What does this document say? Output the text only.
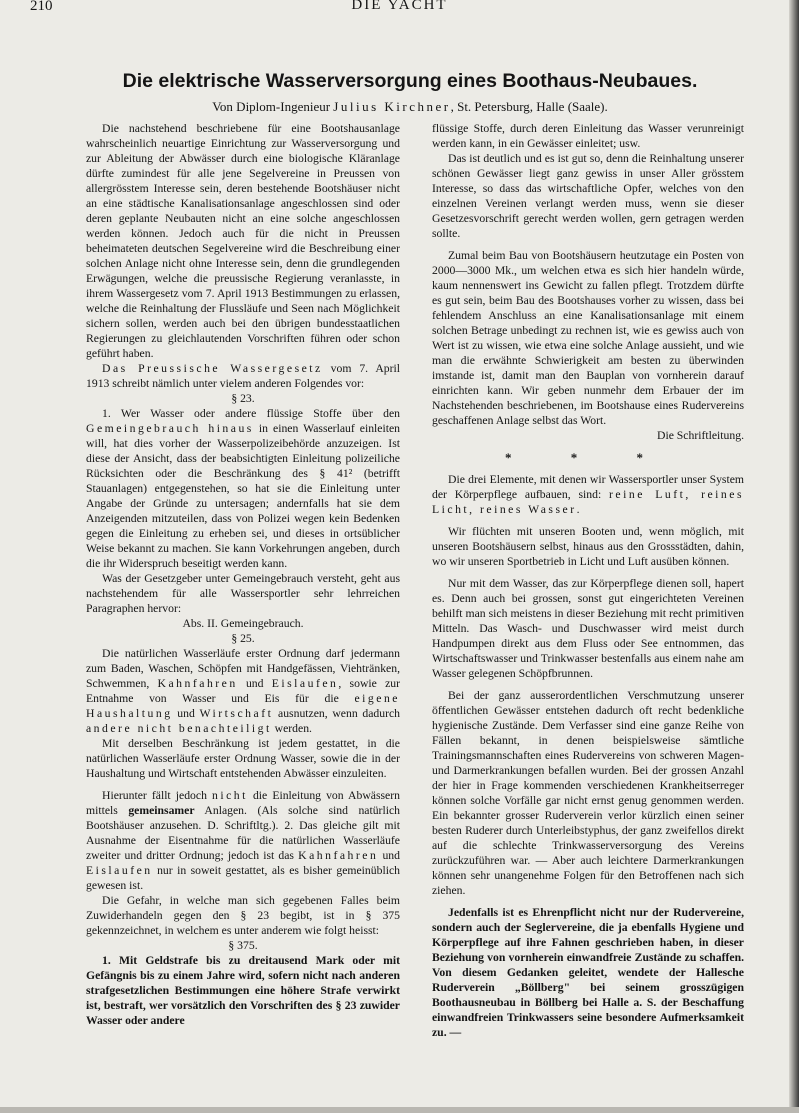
210	DIE YACHT
Die elektrische Wasserversorgung eines Boothaus-Neubaues.
Von Diplom-Ingenieur Julius Kirchner, St. Petersburg, Halle (Saale).

Die nachstehend beschriebene für eine Bootshausanlage wahrscheinlich neuartige Einrichtung zur Wasserversorgung und zur Ableitung der Abwässer durch eine biologische Kläranlage dürfte zumindest für alle jene Segelvereine in Preussen von allergrösstem Interesse sein, deren bestehende Bootshäuser nicht an eine städtische Kanalisationsanlage angeschlossen sind oder deren geplante Neubauten nicht an eine solche angeschlossen werden können. Jedoch auch für die nicht in Preussen beheimateten deutschen Segelvereine wird die Beschreibung einer solchen Anlage nicht ohne Interesse sein, denn die grundlegenden Erwägungen, welche die preussische Regierung veranlasste, in ihrem Wassergesetz vom 7. April 1913 Bestimmungen zu erlassen, welche die Reinhaltung der Flussläufe und Seen nach Möglichkeit sichern sollen, werden auch bei den übrigen bundesstaatlichen Regierungen zu gleichlautenden Vorschriften führen oder schon geführt haben.

Das Preussische Wassergesetz vom 7. April 1913 schreibt nämlich unter vielem anderen Folgendes vor:

§ 23.

1. Wer Wasser oder andere flüssige Stoffe über den Gemeingebrauch hinaus in einen Wasserlauf einleiten will, hat dies vorher der Wasserpolizeibehörde anzuzeigen. Ist diese der Ansicht, dass der beabsichtigten Einleitung polizeiliche Rücksichten oder die Beschränkung des § 41² (betrifft Stauanlagen) entgegenstehen, so hat sie die Einleitung unter Angabe der Gründe zu untersagen; andernfalls hat sie dem Anzeigenden mitzuteilen, dass von Polizei wegen kein Bedenken gegen die Einleitung zu erheben sei, und dieses in ortsüblicher Weise bekannt zu machen. Sie kann Vorkehrungen angeben, durch die ihr Widerspruch beseitigt werden kann.

Was der Gesetzgeber unter Gemeingebrauch versteht, geht aus nachstehendem für alle Wassersportler sehr lehrreichen Paragraphen hervor:

Abs. II. Gemeingebrauch.

§ 25.

Die natürlichen Wasserläufe erster Ordnung darf jedermann zum Baden, Waschen, Schöpfen mit Handgefässen, Viehtränken, Schwemmen, Kahnfahren und Eislaufen, sowie zur Entnahme von Wasser und Eis für die eigene Haushaltung und Wirtschaft ausnutzen, wenn dadurch andere nicht benachteiligt werden.

Mit derselben Beschränkung ist jedem gestattet, in die natürlichen Wasserläufe erster Ordnung Wasser, sowie die in der Haushaltung und Wirtschaft entstehenden Abwässer einzuleiten.

Hierunter fällt jedoch nicht die Einleitung von Abwässern mittels gemeinsamer Anlagen. (Als solche sind natürlich Bootshäuser anzusehen. D. Schriftltg.). 2. Das gleiche gilt mit Ausnahme der Eisentnahme für die natürlichen Wasserläufe zweiter und dritter Ordnung; jedoch ist das Kahnfahren und Eislaufen nur in soweit gestattet, als es bisher gemeinüblich gewesen ist.

Die Gefahr, in welche man sich gegebenen Falles beim Zuwiderhandeln gegen den § 23 begibt, ist in § 375 gekennzeichnet, in welchem es unter anderem wie folgt heisst:

§ 375.

1. Mit Geldstrafe bis zu dreitausend Mark oder mit Gefängnis bis zu einem Jahre wird, sofern nicht nach anderen strafgesetzlichen Bestimmungen eine höhere Strafe verwirkt ist, bestraft, wer vorsätzlich den Vorschriften des § 23 zuwider Wasser oder andere

flüssige Stoffe, durch deren Einleitung das Wasser verunreinigt werden kann, in ein Gewässer einleitet; usw.

Das ist deutlich und es ist gut so, denn die Reinhaltung unserer schönen Gewässer liegt ganz gewiss in unser Aller grösstem Interesse, so dass das wirtschaftliche Opfer, welches von den einzelnen Vereinen verlangt werden muss, wenn sie dieser Gesetzesvorschrift gerecht werden wollen, gern getragen werden sollte.

Zumal beim Bau von Bootshäusern heutzutage ein Posten von 2000—3000 Mk., um welchen etwa es sich hier handeln würde, kaum nennenswert ins Gewicht zu fallen pflegt. Trotzdem dürfte es gut sein, beim Bau des Bootshauses vorher zu wissen, dass bei fehlendem Anschluss an eine Kanalisationsanlage mit einem solchen Betrage unbedingt zu rechnen ist, wie es gewiss auch von Wert ist zu wissen, wie etwa eine solche Anlage aussieht, und wie man die erwähnte Schwierigkeit am besten zu überwinden imstande ist, damit man den Bauplan von vornherein darauf einrichten kann. Wir geben nunmehr dem Erbauer der im Nachstehenden beschriebenen, im Bootshause eines Rudervereins geschaffenen Anlage selbst das Wort.

Die Schriftleitung.

* * *

Die drei Elemente, mit denen wir Wassersportler unser System der Körperpflege aufbauen, sind: reine Luft, reines Licht, reines Wasser.

Wir flüchten mit unseren Booten und, wenn möglich, mit unseren Bootshäusern selbst, hinaus aus den Grossstädten, dahin, wo wir unseren Sportbetrieb in Licht und Luft ausüben können.

Nur mit dem Wasser, das zur Körperpflege dienen soll, hapert es. Denn auch bei grossen, sonst gut eingerichteten Vereinen behilft man sich meistens in dieser Beziehung mit recht primitiven Mitteln. Das Wasch- und Duschwasser wird meist durch Handpumpen direkt aus dem Fluss oder See entnommen, das Wirtschaftswasser und Trinkwasser bestenfalls aus einem nahe am Wasser gelegenen Schöpfbrunnen.

Bei der ganz ausserordentlichen Verschmutzung unserer öffentlichen Gewässer entstehen dadurch oft recht bedenkliche hygienische Zustände. Dem Verfasser sind eine ganze Reihe von Fällen bekannt, in denen beispielsweise sämtliche Trainingsmannschaften eines Rudervereins von schweren Magen- und Darmerkrankungen befallen wurden. Bei der grossen Anzahl der hier in Frage kommenden verschiedenen Krankheitserreger können solche Vorfälle gar nicht ernst genug genommen werden. Ein bekannter grosser Ruderverein verlor kürzlich einen seiner besten Ruderer durch Unterleibstyphus, der ganz zweifellos direkt auf die schlechte Trinkwasserversorgung des Vereins zurückzuführen war. — Aber auch leichtere Darmerkrankungen können sehr unangenehme Folgen für den Betroffenen nach sich ziehen.

Jedenfalls ist es Ehrenpflicht nicht nur der Rudervereine, sondern auch der Seglervereine, die ja ebenfalls Hygiene und Körperpflege auf ihre Fahnen geschrieben haben, in dieser Beziehung von vornherein einwandfreie Zustände zu schaffen. Von diesem Gedanken geleitet, wendete der Hallesche Ruderverein „Böllberg" bei seinem grosszügigen Boothausneubau in Böllberg bei Halle a. S. der Beschaffung einwandfreien Trinkwassers seine besondere Aufmerksamkeit zu. —
